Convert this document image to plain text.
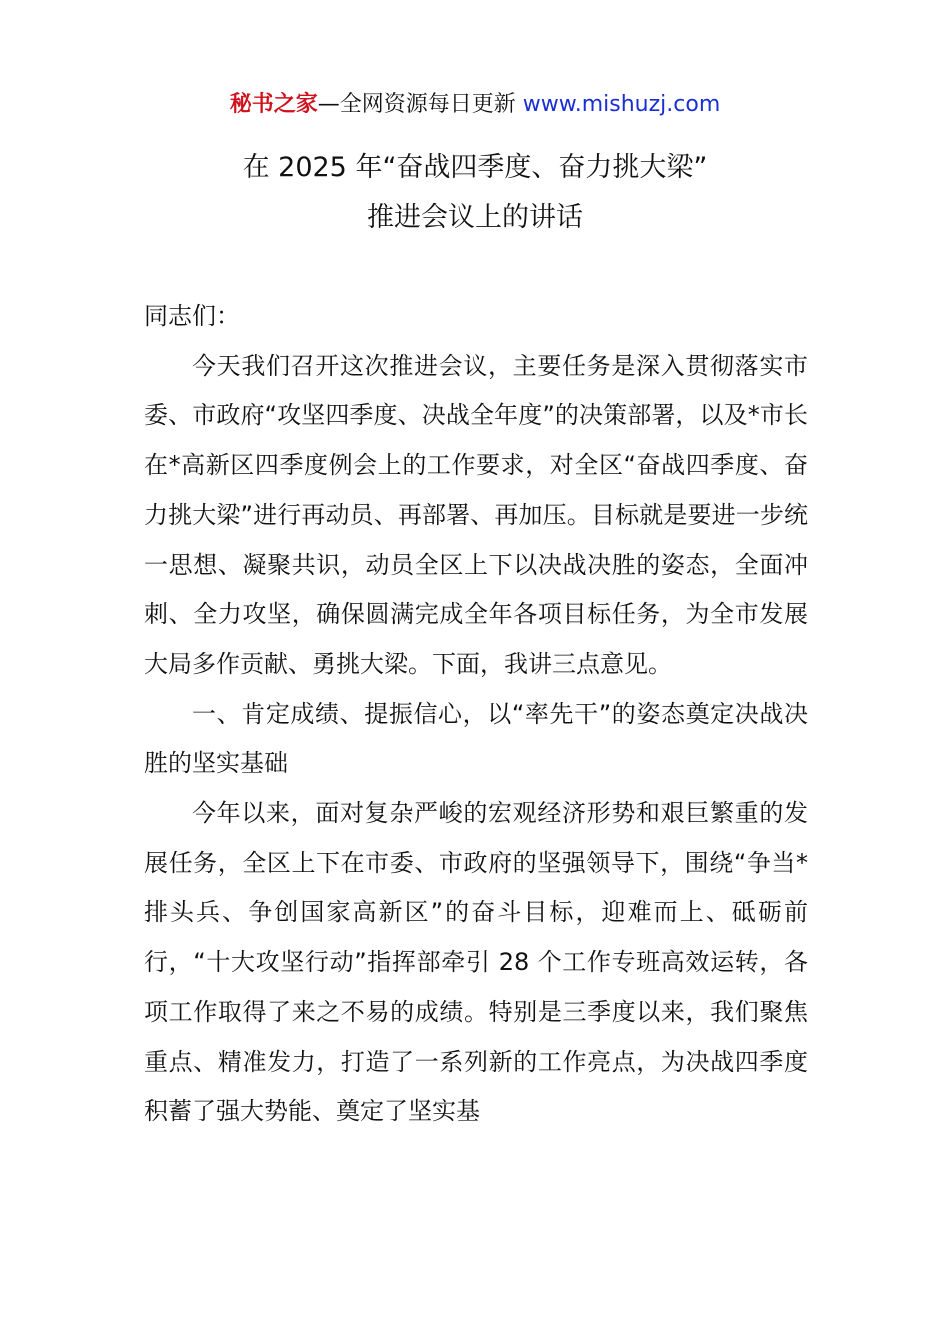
秘书之家—全网资源每日更新 www.mishuzj.com
在 2025 年“奋战四季度、奋力挑大梁”
推进会议上的讲话

同志们：

今天我们召开这次推进会议，主要任务是深入贯彻落实市委、市政府“攻坚四季度、决战全年度”的决策部署，以及*市长在*高新区四季度例会上的工作要求，对全区“奋战四季度、奋力挑大梁”进行再动员、再部署、再加压。目标就是要进一步统一思想、凝聚共识，动员全区上下以决战决胜的姿态，全面冲刺、全力攻坚，确保圆满完成全年各项目标任务，为全市发展大局多作贡献、勇挑大梁。下面，我讲三点意见。

一、肯定成绩、提振信心，以“率先干”的姿态奠定决战决胜的坚实基础

今年以来，面对复杂严峻的宏观经济形势和艰巨繁重的发展任务，全区上下在市委、市政府的坚强领导下，围绕“争当*排头兵、争创国家高新区”的奋斗目标，迎难而上、砥砺前行，“十大攻坚行动”指挥部牵引 28 个工作专班高效运转，各项工作取得了来之不易的成绩。特别是三季度以来，我们聚焦重点、精准发力，打造了一系列新的工作亮点，为决战四季度积蓄了强大势能、奠定了坚实基
